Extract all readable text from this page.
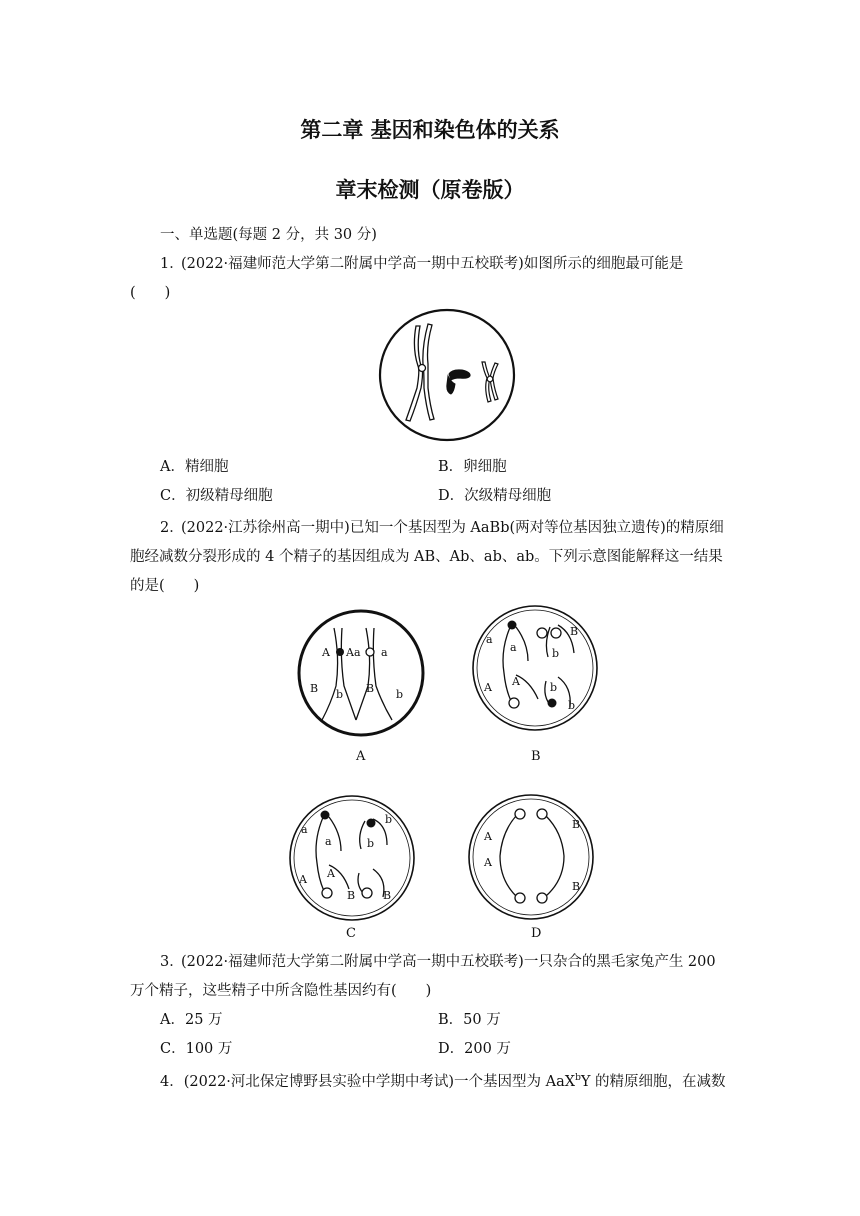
第二章 基因和染色体的关系
章末检测（原卷版）
一、单选题(每题 2 分，共 30 分)
1．
(2022·福建师范大学第二附属中学高一期中五校联考)如图所示的细胞最可能是
(　　)
A．精细胞	B．卵细胞
C．初级精母细胞	D．次级精母细胞
2．
(2022·江苏徐州高一期中)已知一个基因型为 AaBb(两对等位基因独立遗传)的精原细
胞经减数分裂形成的 4 个精子的基因组成为 AB、Ab、ab、ab。下列示意图能解释这一结果
的是(　　)
A Aa a
B b B b
A
a
a
B
b
A A	b
b
B
a
a
b
b
A A
B	B
C
A
A
B
B
D
3．
(2022·福建师范大学第二附属中学高一期中五校联考)一只杂合的黑毛家兔产生 200
万个精子，这些精子中所含隐性基因约有(　　)
A．25 万	B．50 万
C．100 万	D．200 万
4．(2022·河北保定博野县实验中学期中考试)一个基因型为 AaX$^b$Y 的精原细胞，在减数
